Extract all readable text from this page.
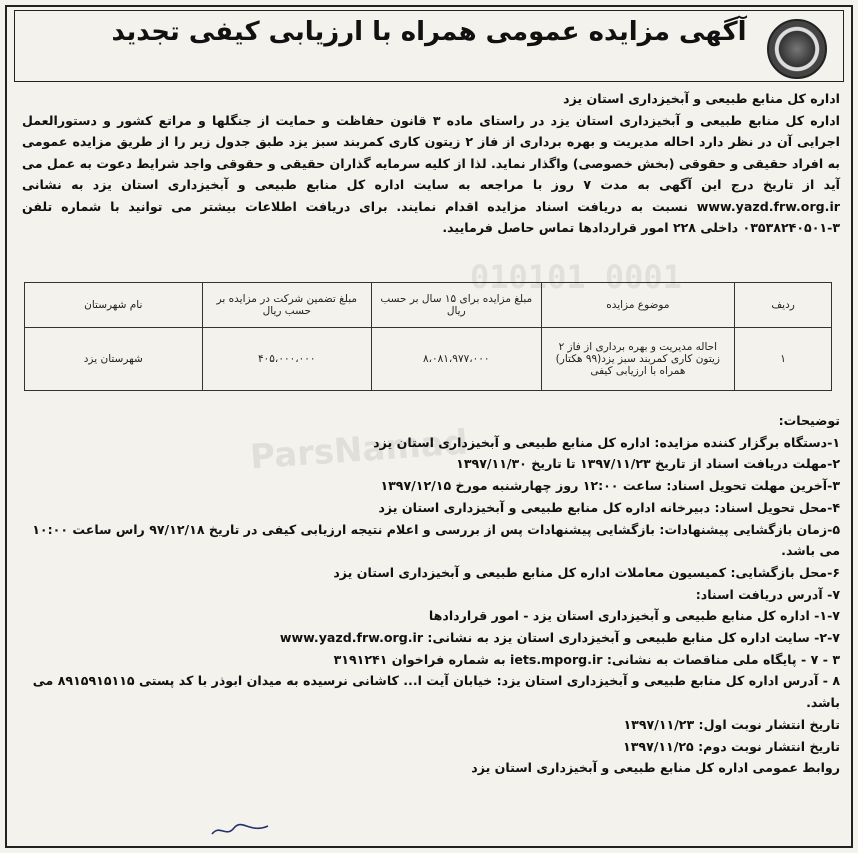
آگهی مزایده عمومی همراه با ارزیابی کیفی تجدید
010101 0001

اداره کل منابع طبیعی و آبخیزداری استان یزد

اداره کل منابع طبیعی و آبخیزداری استان یزد در راستای ماده ۳ قانون حفاظت و حمایت از جنگلها و مراتع کشور و دستورالعمل اجرایی آن در نظر دارد احاله مدیریت و بهره برداری از فاز ۲ زیتون کاری کمربند سبز یزد طبق جدول زیر را از طریق مزایده عمومی به افراد حقیقی و حقوقی (بخش خصوصی) واگذار نماید. لذا از کلیه سرمایه گذاران حقیقی و حقوقی واجد شرایط دعوت به عمل می آید از تاریخ درج این آگهی به مدت ۷ روز با مراجعه به سایت اداره کل منابع طبیعی و آبخیزداری استان یزد به نشانی www.yazd.frw.org.ir نسبت به دریافت اسناد مزایده اقدام نمایند. برای دریافت اطلاعات بیشتر می توانید با شماره تلفن ۳-۰۳۵۳۸۲۴۰۵۰۱ داخلی ۲۲۸ امور قراردادها تماس حاصل فرمایید.

ردیف	موضوع مزایده	مبلغ مزایده برای ۱۵ سال بر حسب ریال	مبلغ تضمین شرکت در مزایده بر حسب ریال	نام شهرستان
۱	احاله مدیریت و بهره برداری از فاز ۲ زیتون کاری کمربند سبز یزد(۹۹ هکتار) همراه با ارزیابی کیفی	۸،۰۸۱،۹۷۷،۰۰۰	۴۰۵،۰۰۰،۰۰۰	شهرستان یزد
ParsNamad

توضیحات:

۱-دستگاه برگزار کننده مزایده: اداره کل منابع طبیعی و آبخیزداری استان یزد

۲-مهلت دریافت اسناد از تاریخ ۱۳۹۷/۱۱/۲۳ تا تاریخ ۱۳۹۷/۱۱/۳۰

۳-آخرین مهلت تحویل اسناد: ساعت ۱۲:۰۰ روز چهارشنبه مورخ ۱۳۹۷/۱۲/۱۵

۴-محل تحویل اسناد: دبیرخانه اداره کل منابع طبیعی و آبخیزداری استان یزد

۵-زمان بازگشایی پیشنهادات: بازگشایی پیشنهادات پس از بررسی و اعلام نتیجه ارزیابی کیفی در تاریخ ۹۷/۱۲/۱۸ راس ساعت ۱۰:۰۰ می باشد.

۶-محل بازگشایی: کمیسیون معاملات اداره کل منابع طبیعی و آبخیزداری استان یزد

۷- آدرس دریافت اسناد:

۱-۷- اداره کل منابع طبیعی و آبخیزداری استان یزد - امور قراردادها

۲-۷- سایت اداره کل منابع طبیعی و آبخیزداری استان یزد به نشانی: www.yazd.frw.org.ir

۳ - ۷ - پایگاه ملی مناقصات به نشانی: iets.mporg.ir به شماره فراخوان ۳۱۹۱۲۴۱

۸ - آدرس اداره کل منابع طبیعی و آبخیزداری استان یزد: خیابان آیت ا... کاشانی نرسیده به میدان ابوذر با کد پستی ۸۹۱۵۹۱۵۱۱۵ می باشد.

تاریخ انتشار نوبت اول: ۱۳۹۷/۱۱/۲۳

تاریخ انتشار نوبت دوم: ۱۳۹۷/۱۱/۲۵

روابط عمومی اداره کل منابع طبیعی و آبخیزداری استان یزد
